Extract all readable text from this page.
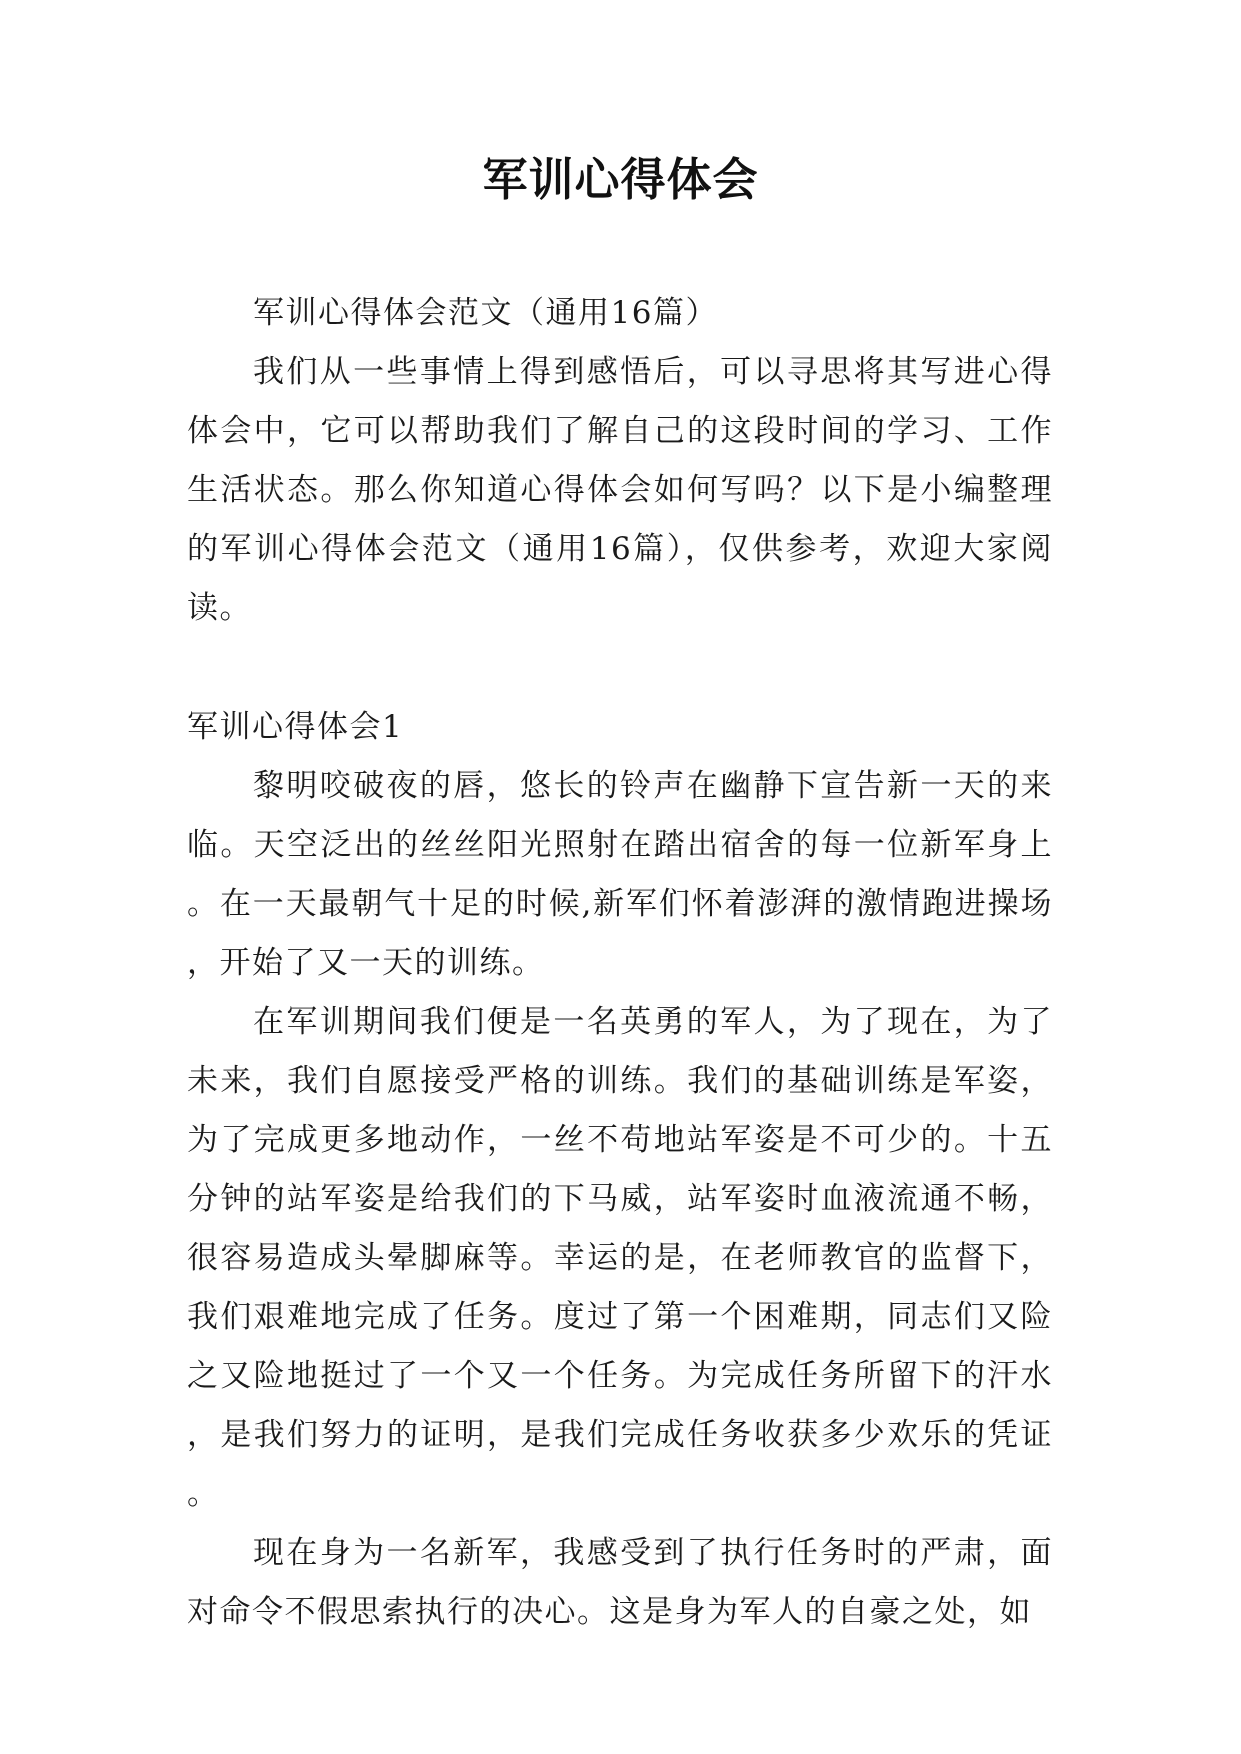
军训心得体会

军训心得体会范文（通用16篇）

我们从一些事情上得到感悟后，可以寻思将其写进心得体会中，它可以帮助我们了解自己的这段时间的学习、工作生活状态。那么你知道心得体会如何写吗？以下是小编整理的军训心得体会范文（通用16篇），仅供参考，欢迎大家阅读。

军训心得体会1

黎明咬破夜的唇，悠长的铃声在幽静下宣告新一天的来临。天空泛出的丝丝阳光照射在踏出宿舍的每一位新军身上。在一天最朝气十足的时候,新军们怀着澎湃的激情跑进操场，开始了又一天的训练。

在军训期间我们便是一名英勇的军人，为了现在，为了未来，我们自愿接受严格的训练。我们的基础训练是军姿，为了完成更多地动作，一丝不苟地站军姿是不可少的。十五分钟的站军姿是给我们的下马威，站军姿时血液流通不畅，很容易造成头晕脚麻等。幸运的是，在老师教官的监督下，我们艰难地完成了任务。度过了第一个困难期，同志们又险之又险地挺过了一个又一个任务。为完成任务所留下的汗水，是我们努力的证明，是我们完成任务收获多少欢乐的凭证。

现在身为一名新军，我感受到了执行任务时的严肃，面对命令不假思索执行的决心。这是身为军人的自豪之处，如
